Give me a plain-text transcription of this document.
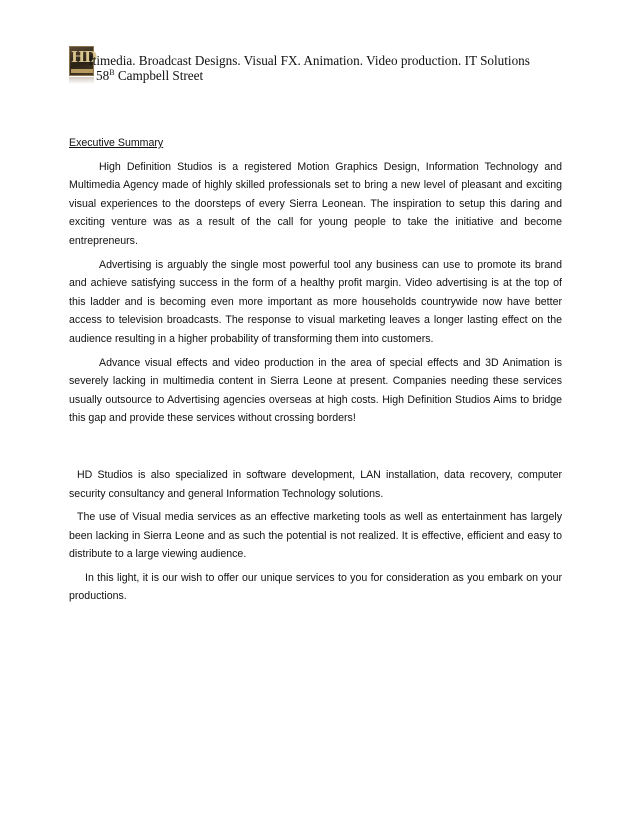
HD
ltimedia. Broadcast Designs. Visual FX. Animation. Video production. IT Solutions
$58^B$ Campbell Street
Executive Summary

High Definition Studios is a registered Motion Graphics Design, Information Technology and Multimedia Agency made of highly skilled professionals set to bring a new level of pleasant and exciting visual experiences to the doorsteps of every Sierra Leonean. The inspiration to setup this daring and exciting venture was as a result of the call for young people to take the initiative and become entrepreneurs.

Advertising is arguably the single most powerful tool any business can use to promote its brand and achieve satisfying success in the form of a healthy profit margin. Video advertising is at the top of this ladder and is becoming even more important as more households countrywide now have better access to television broadcasts. The response to visual marketing leaves a longer lasting effect on the audience resulting in a higher probability of transforming them into customers.

Advance visual effects and video production in the area of special effects and 3D Animation is severely lacking in multimedia content in Sierra Leone at present. Companies needing these services usually outsource to Advertising agencies overseas at high costs. High Definition Studios Aims to bridge this gap and provide these services without crossing borders!

HD Studios is also specialized in software development, LAN installation, data recovery, computer security consultancy and general Information Technology solutions.

The use of Visual media services as an effective marketing tools as well as entertainment has largely been lacking in Sierra Leone and as such the potential is not realized. It is effective, efficient and easy to distribute to a large viewing audience.

In this light, it is our wish to offer our unique services to you for consideration as you embark on your productions.
